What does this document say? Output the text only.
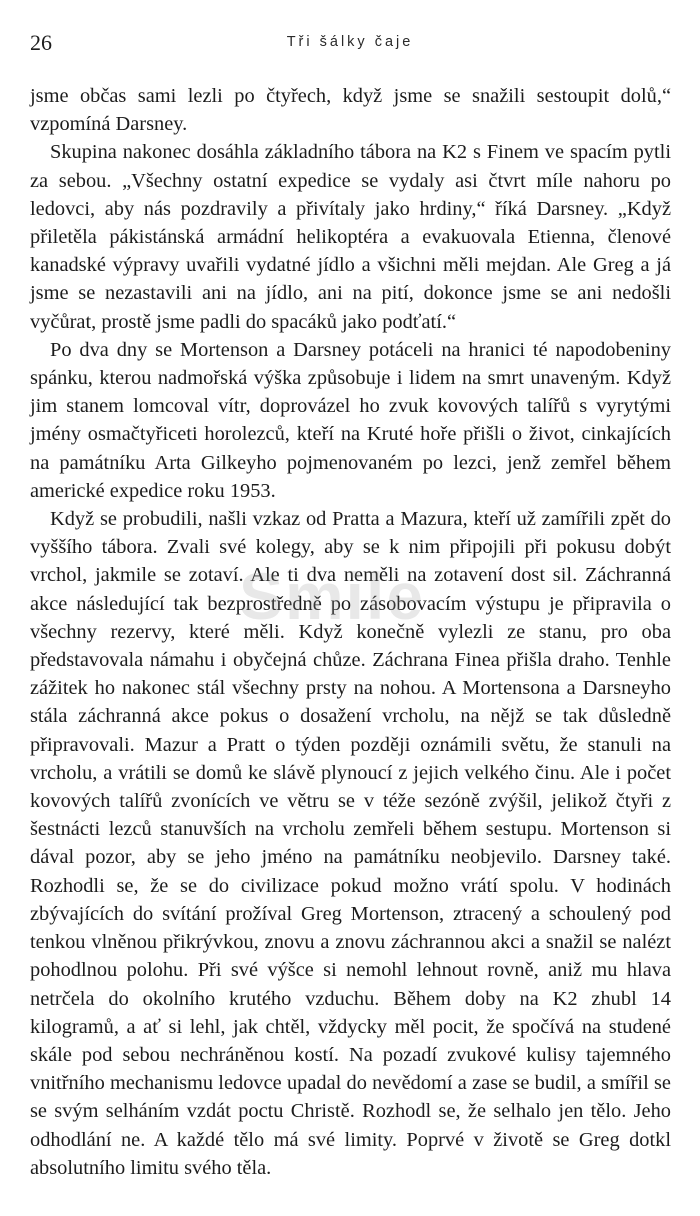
26	Tři šálky čaje

jsme občas sami lezli po čtyřech, když jsme se snažili sestoupit dolů,“ vzpomíná Darsney.

Skupina nakonec dosáhla základního tábora na K2 s Finem ve spacím pytli za sebou. „Všechny ostatní expedice se vydaly asi čtvrt míle nahoru po ledovci, aby nás pozdravily a přivítaly jako hrdiny,“ říká Darsney. „Když přiletěla pákistánská armádní helikoptéra a evakuovala Etienna, členové kanadské výpravy uvařili vydatné jídlo a všichni měli mejdan. Ale Greg a já jsme se nezastavili ani na jídlo, ani na pití, dokonce jsme se ani nedošli vyčůrat, prostě jsme padli do spacáků jako podťatí.“

Po dva dny se Mortenson a Darsney potáceli na hranici té napodobeniny spánku, kterou nadmořská výška způsobuje i lidem na smrt unaveným. Když jim stanem lomcoval vítr, doprovázel ho zvuk kovových talířů s vyrytými jmény osmačtyřiceti horolezců, kteří na Kruté hoře přišli o život, cinkajících na památníku Arta Gilkeyho pojmenovaném po lezci, jenž zemřel během americké expedice roku 1953.

Když se probudili, našli vzkaz od Pratta a Mazura, kteří už zamířili zpět do vyššího tábora. Zvali své kolegy, aby se k nim připojili při pokusu dobýt vrchol, jakmile se zotaví. Ale ti dva neměli na zotavení dost sil. Záchranná akce následující tak bezprostředně po zásobovacím výstupu je připravila o všechny rezervy, které měli. Když konečně vylezli ze stanu, pro oba představovala námahu i obyčejná chůze. Záchrana Finea přišla draho. Tenhle zážitek ho nakonec stál všechny prsty na nohou. A Mortensona a Darsneyho stála záchranná akce pokus o dosažení vrcholu, na nějž se tak důsledně připravovali. Mazur a Pratt o týden později oznámili světu, že stanuli na vrcholu, a vrátili se domů ke slávě plynoucí z jejich velkého činu. Ale i počet kovových talířů zvonících ve větru se v téže sezóně zvýšil, jelikož čtyři z šestnácti lezců stanuvších na vrcholu zemřeli během sestupu. Mortenson si dával pozor, aby se jeho jméno na památníku neobjevilo. Darsney také. Rozhodli se, že se do civilizace pokud možno vrátí spolu. V hodinách zbývajících do svítání prožíval Greg Mortenson, ztracený a schoulený pod tenkou vlněnou přikrývkou, znovu a znovu záchrannou akci a snažil se nalézt pohodlnou polohu. Při své výšce si nemohl lehnout rovně, aniž mu hlava netrčela do okolního krutého vzduchu. Během doby na K2 zhubl 14 kilogramů, a ať si lehl, jak chtěl, vždycky měl pocit, že spočívá na studené skále pod sebou nechráněnou kostí. Na pozadí zvukové kulisy tajemného vnitřního mechanismu ledovce upadal do nevědomí a zase se budil, a smířil se se svým selháním vzdát poctu Christě. Rozhodl se, že selhalo jen tělo. Jeho odhodlání ne. A každé tělo má své limity. Poprvé v životě se Greg dotkl absolutního limitu svého těla.

Smile
